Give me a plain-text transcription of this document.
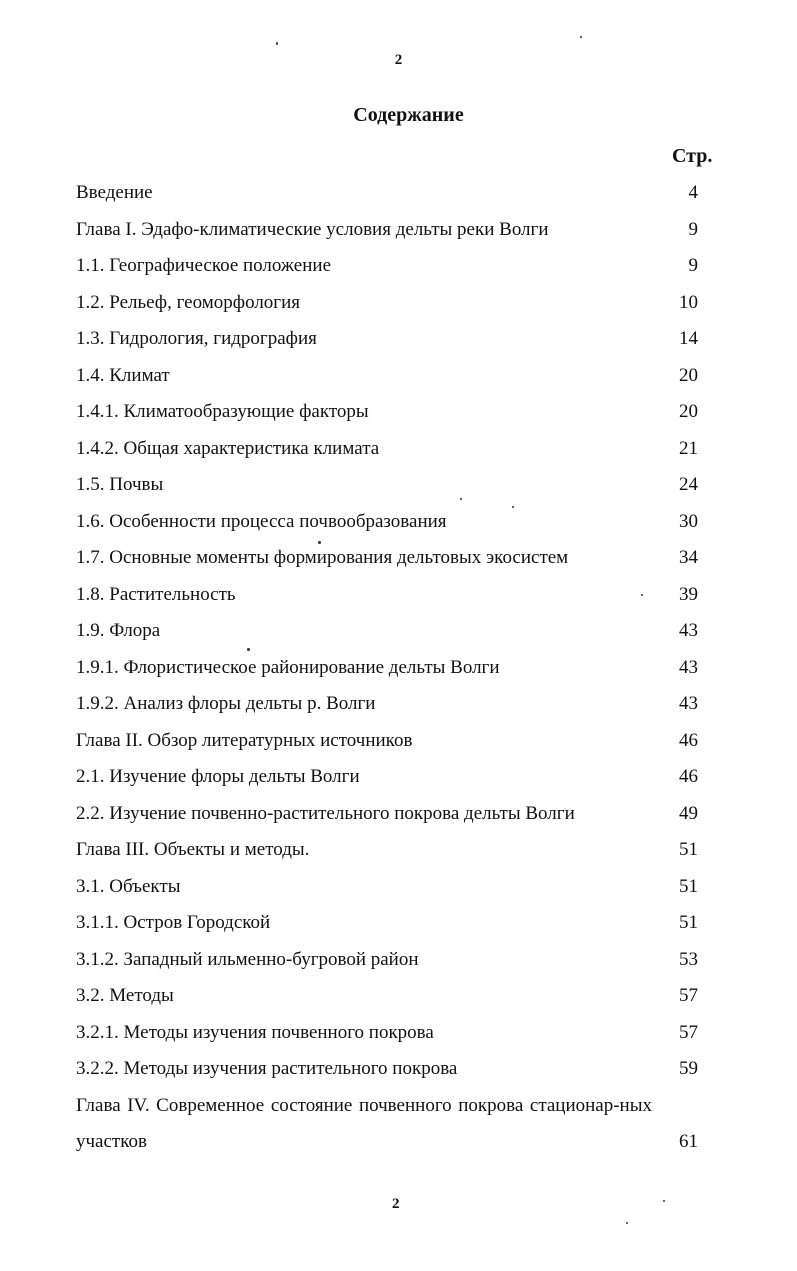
2
Содержание
Стр.
Введение	4
Глава I. Эдафо-климатические условия дельты реки Волги	9
1.1. Географическое положение	9
1.2. Рельеф, геоморфология	10
1.3. Гидрология, гидрография	14
1.4. Климат	20
1.4.1. Климатообразующие факторы	20
1.4.2. Общая характеристика климата	21
1.5. Почвы	24
1.6. Особенности процесса почвообразования	30
1.7. Основные моменты формирования дельтовых экосистем	34
1.8. Растительность	39
1.9. Флора	43
1.9.1. Флористическое районирование дельты Волги	43
1.9.2. Анализ флоры дельты р. Волги	43
Глава II. Обзор литературных источников	46
2.1. Изучение флоры дельты Волги	46
2.2. Изучение почвенно-растительного покрова дельты Волги	49
Глава III. Объекты и методы.	51
3.1. Объекты	51
3.1.1. Остров Городской	51
3.1.2. Западный ильменно-бугровой район	53
3.2. Методы	57
3.2.1. Методы изучения почвенного покрова	57
3.2.2. Методы изучения растительного покрова	59
Глава IV. Современное состояние почвенного покрова стационар-ных участков	61
2
